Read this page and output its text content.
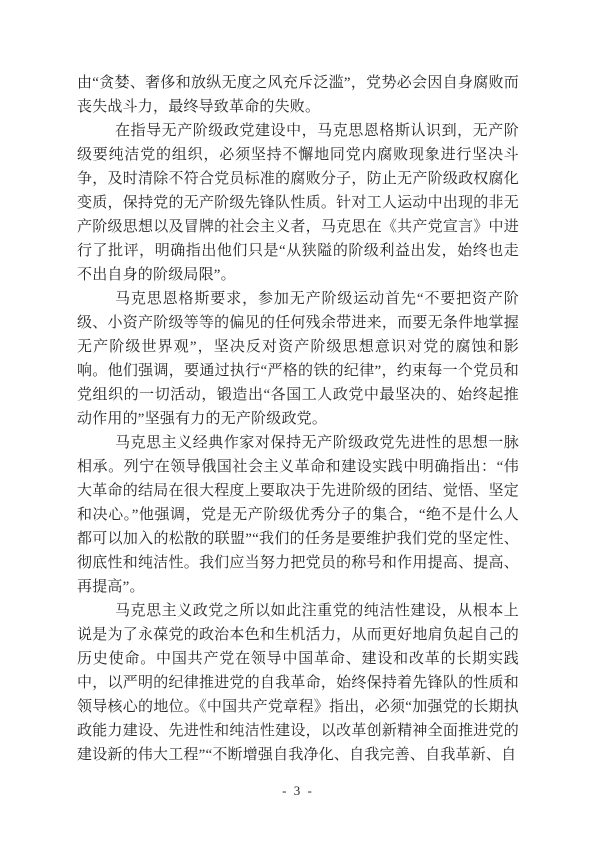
由“贪婪、奢侈和放纵无度之风充斥泛滥”，党势必会因自身腐败而丧失战斗力，最终导致革命的失败。

在指导无产阶级政党建设中，马克思恩格斯认识到，无产阶级要纯洁党的组织，必须坚持不懈地同党内腐败现象进行坚决斗争，及时清除不符合党员标准的腐败分子，防止无产阶级政权腐化变质，保持党的无产阶级先锋队性质。针对工人运动中出现的非无产阶级思想以及冒牌的社会主义者，马克思在《共产党宣言》中进行了批评，明确指出他们只是“从狭隘的阶级利益出发，始终也走不出自身的阶级局限”。

马克思恩格斯要求，参加无产阶级运动首先“不要把资产阶级、小资产阶级等等的偏见的任何残余带进来，而要无条件地掌握无产阶级世界观”，坚决反对资产阶级思想意识对党的腐蚀和影响。他们强调，要通过执行“严格的铁的纪律”，约束每一个党员和党组织的一切活动，锻造出“各国工人政党中最坚决的、始终起推动作用的”坚强有力的无产阶级政党。

马克思主义经典作家对保持无产阶级政党先进性的思想一脉相承。列宁在领导俄国社会主义革命和建设实践中明确指出：“伟大革命的结局在很大程度上要取决于先进阶级的团结、觉悟、坚定和决心。”他强调，党是无产阶级优秀分子的集合，“绝不是什么人都可以加入的松散的联盟”“我们的任务是要维护我们党的坚定性、彻底性和纯洁性。我们应当努力把党员的称号和作用提高、提高、再提高”。

马克思主义政党之所以如此注重党的纯洁性建设，从根本上说是为了永葆党的政治本色和生机活力，从而更好地肩负起自己的历史使命。中国共产党在领导中国革命、建设和改革的长期实践中，以严明的纪律推进党的自我革命，始终保持着先锋队的性质和领导核心的地位。《中国共产党章程》指出，必须“加强党的长期执政能力建设、先进性和纯洁性建设，以改革创新精神全面推进党的建设新的伟大工程”“不断增强自我净化、自我完善、自我革新、自

- 3 -
